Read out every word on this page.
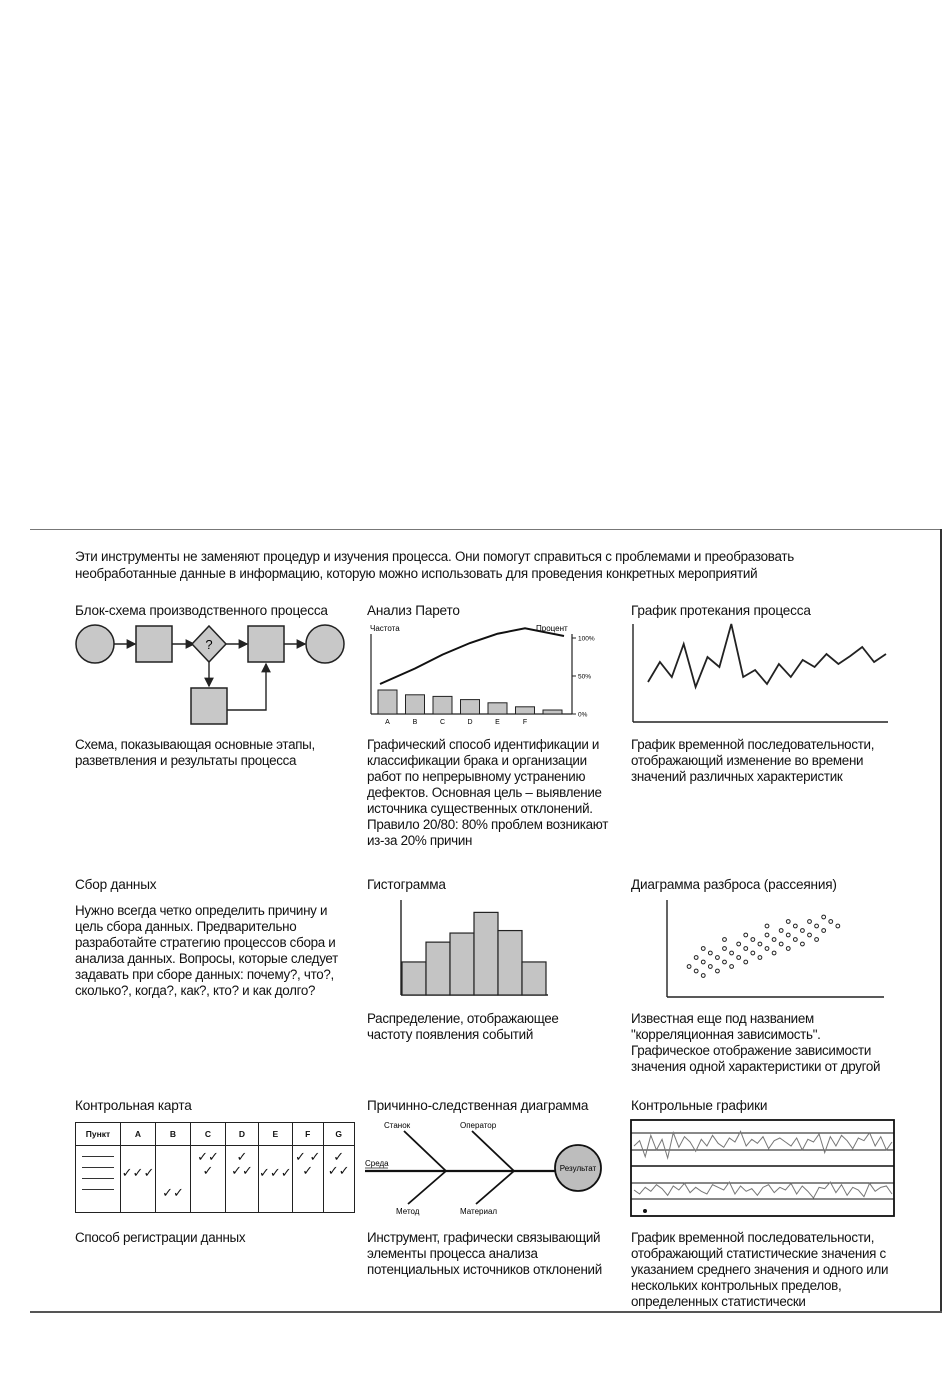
Эти инструменты не заменяют процедур и изучения процесса. Они помогут справиться с проблемами и преобразовать необработанные данные в информацию, которую можно использовать для проведения конкретных мероприятий
Блок-схема производственного процесса
?
Схема, показывающая основные этапы, разветвления и результаты процесса
Анализ Парето
Частота	Процент
A	B	C	D	E	F
100%
50%
0%
Графический способ идентификации и классификации брака и организации работ по непрерывному устранению дефектов. Основная цель – выявление источника существенных отклонений. Правило 20/80: 80% проблем возникают из-за 20% причин
График протекания процесса
График временной последовательности, отображающий изменение во времени значений различных характеристик
Сбор данных
Нужно всегда четко определить причину и цель сбора данных. Предварительно разработайте стратегию процессов сбора и анализа данных. Вопросы, которые следует задавать при сборе данных: почему?, что?, сколько?, когда?, как?, кто? и как долго?
Гистограмма
Распределение, отображающее частоту появления событий
Диаграмма разброса (рассеяния)
Известная еще под названием "корреляционная зависимость". Графическое отображение зависимости значения одной характеристики от другой
Контрольная карта
Пункт	A	B	C	D	E	F	G

	✓✓✓	✓✓	✓✓ ✓	✓ ✓✓	✓✓✓	✓ ✓ ✓	✓ ✓✓
Способ регистрации данных
Причинно-следственная диаграмма
Станок	Оператор
Среда
Метод	Материал
Результат
Инструмент, графически связывающий элементы процесса анализа потенциальных источников отклонений
Контрольные графики
График временной последовательности, отображающий статистические значения с указанием среднего значения и одного или нескольких контрольных пределов, определенных статистически
